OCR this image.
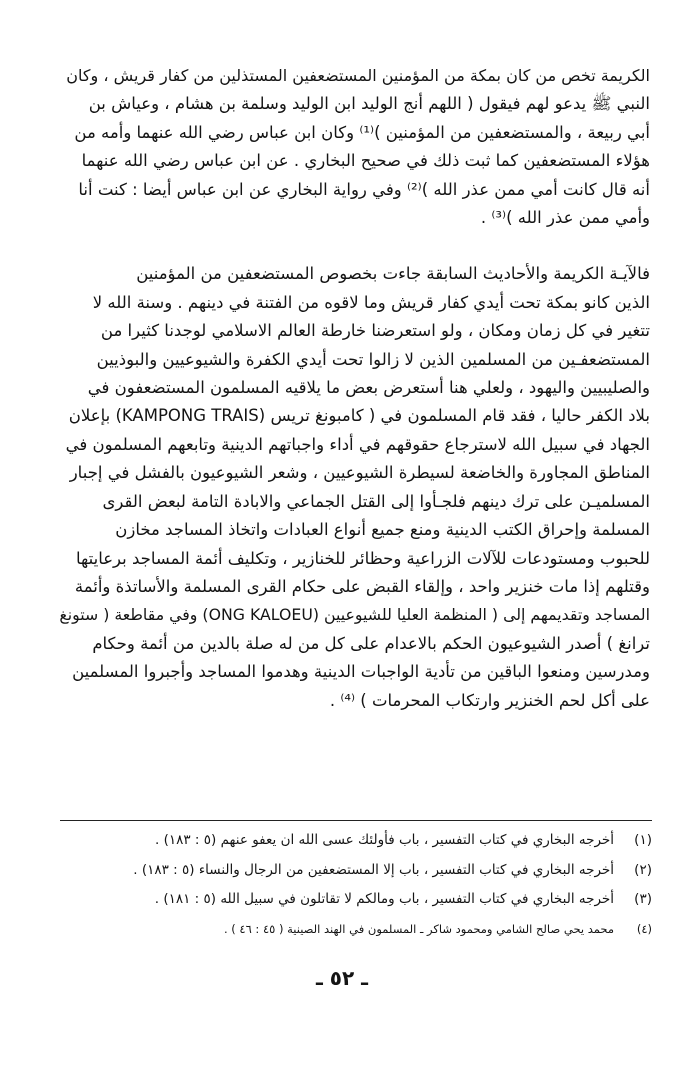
الكريمة تخص من كان بمكة من المؤمنين المستضعفين المستذلين من كفار قريش ، وكان
النبي ﷺ يدعو لهم فيقول ( اللهم أنج الوليد ابن الوليد وسلمة بن هشام ، وعياش بن
أبي ربيعة ، والمستضعفين من المؤمنين )⁽¹⁾ وكان ابن عباس رضي الله عنهما وأمه من
هؤلاء المستضعفين كما ثبت ذلك في صحيح البخاري . عن ابن عباس رضي الله عنهما
أنه قال كانت أمي ممن عذر الله )⁽²⁾ وفي رواية البخاري عن ابن عباس أيضا : كنت أنا
وأمي ممن عذر الله )⁽³⁾ .
فالآيـة الكريمة والأحاديث السابقة جاءت بخصوص المستضعفين من المؤمنين
الذين كانو بمكة تحت أيدي كفار قريش وما لاقوه من الفتنة في دينهم . وسنة الله لا
تتغير في كل زمان ومكان ، ولو استعرضنا خارطة العالم الاسلامي لوجدنا كثيرا من
المستضعفـين من المسلمين الذين لا زالوا تحت أيدي الكفرة والشيوعيين والبوذيين
والصليبيين واليهود ، ولعلي هنا أستعرض بعض ما يلاقيه المسلمون المستضعفون في
بلاد الكفر حاليا ، فقد قام المسلمون في ( كامبونغ تريس (KAMPONG TRAIS) بإعلان
الجهاد في سبيل الله لاسترجاع حقوقهم في أداء واجباتهم الدينية وتابعهم المسلمون في
المناطق المجاورة والخاضعة لسيطرة الشيوعيين ، وشعر الشيوعيون بالفشل في إجبار
المسلميـن على ترك دينهم فلجـأوا إلى القتل الجماعي والابادة التامة لبعض القرى
المسلمة وإحراق الكتب الدينية ومنع جميع أنواع العبادات واتخاذ المساجد مخازن
للحبوب ومستودعات للآلات الزراعية وحظائر للخنازير ، وتكليف أئمة المساجد برعايتها
وقتلهم إذا مات خنزير واحد ، وإلقاء القبض على حكام القرى المسلمة والأساتذة وأئمة
المساجد وتقديمهم إلى ( المنظمة العليا للشيوعيين (ONG KALOEU) وفي مقاطعة ( ستونغ
ترانغ ) أصدر الشيوعيون الحكم بالاعدام على كل من له صلة بالدين من أئمة وحكام
ومدرسين ومنعوا الباقين من تأدية الواجبات الدينية وهدموا المساجد وأجبروا المسلمين
على أكل لحم الخنزير وارتكاب المحرمات ) ⁽⁴⁾ .
(١)
أخرجه البخاري في كتاب التفسير ، باب فأولئك عسى الله ان يعفو عنهم (٥ : ١٨٣) .
(٢)
أخرجه البخاري في كتاب التفسير ، باب إلا المستضعفين من الرجال والنساء (٥ : ١٨٣) .
(٣)
أخرجه البخاري في كتاب التفسير ، باب ومالكم لا تقاتلون في سبيل الله (٥ : ١٨١) .
(٤)
محمد يحي صالح الشامي ومحمود شاكر ـ المسلمون في الهند الصينية ( ٤٥ : ٤٦ ) .
ـ ٥٢ ـ
